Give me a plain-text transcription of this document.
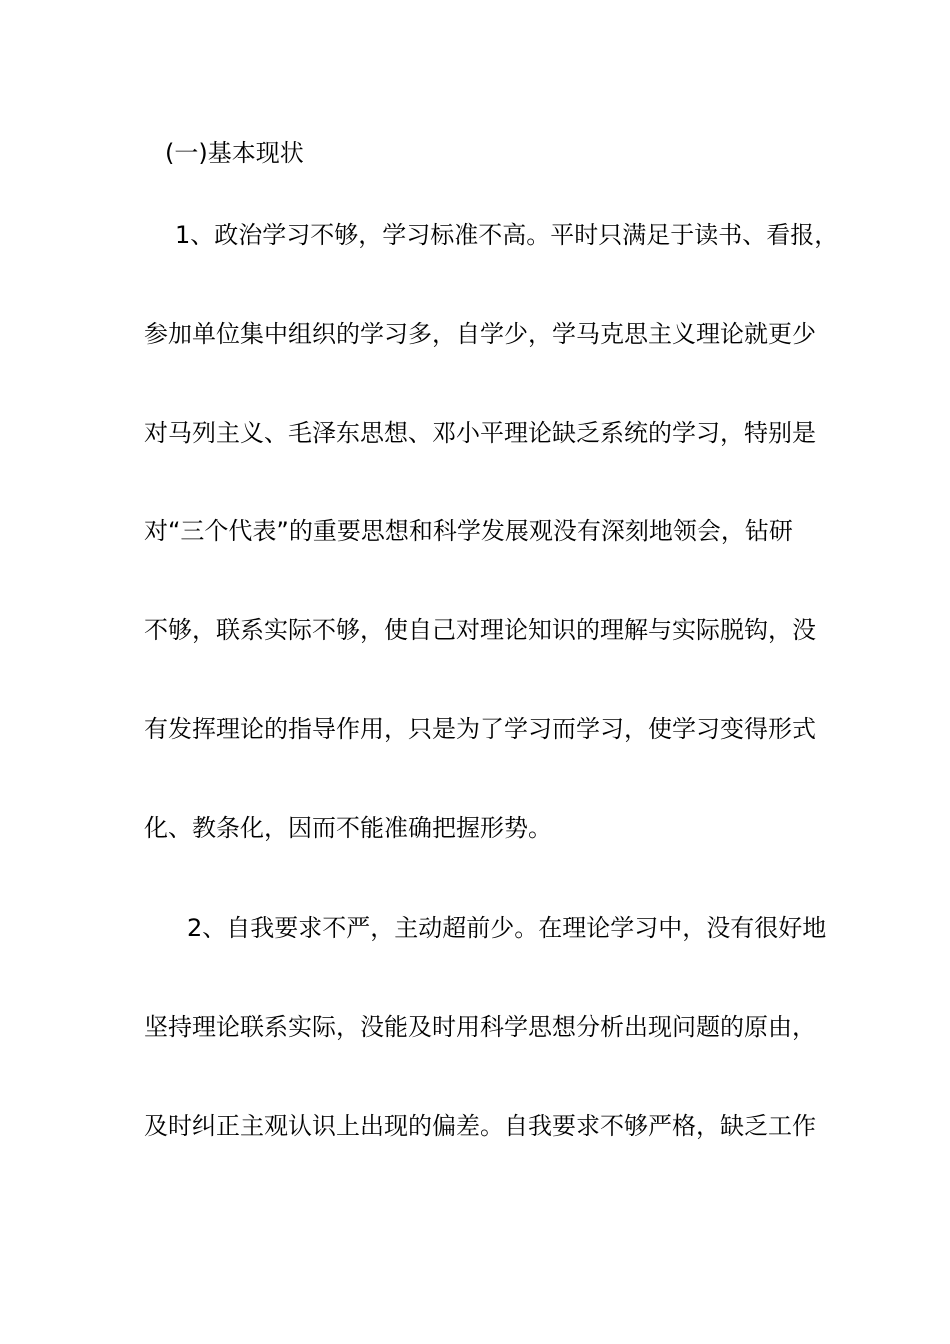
(一)基本现状
1、政治学习不够，学习标准不高。平时只满足于读书、看报，
参加单位集中组织的学习多，自学少，学马克思主义理论就更少
对马列主义、毛泽东思想、邓小平理论缺乏系统的学习，特别是
对“三个代表”的重要思想和科学发展观没有深刻地领会，钻研
不够，联系实际不够，使自己对理论知识的理解与实际脱钩，没
有发挥理论的指导作用，只是为了学习而学习，使学习变得形式
化、教条化，因而不能准确把握形势。
2、自我要求不严，主动超前少。在理论学习中，没有很好地
坚持理论联系实际，没能及时用科学思想分析出现问题的原由，
及时纠正主观认识上出现的偏差。自我要求不够严格，缺乏工作
